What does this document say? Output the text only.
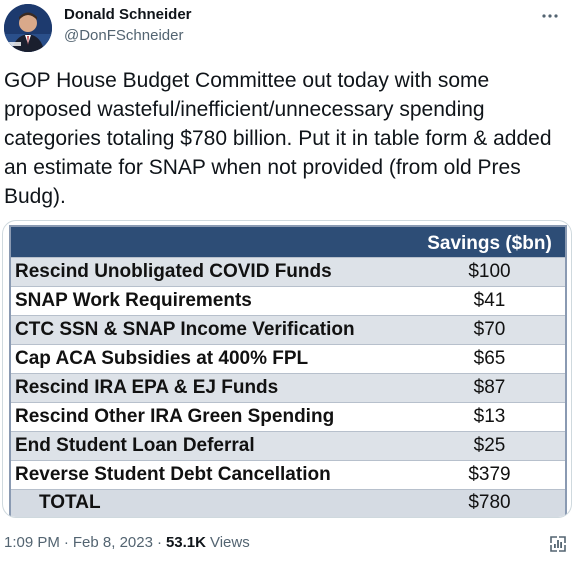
Donald Schneider
@DonFSchneider
GOP House Budget Committee out today with some proposed wasteful/inefficient/unnecessary spending categories totaling $780 billion. Put it in table form & added an estimate for SNAP when not provided (from old Pres Budg).
	Savings ($bn)
Rescind Unobligated COVID Funds	$100
SNAP Work Requirements	$41
CTC SSN & SNAP Income Verification	$70
Cap ACA Subsidies at 400% FPL	$65
Rescind IRA EPA & EJ Funds	$87
Rescind Other IRA Green Spending	$13
End Student Loan Deferral	$25
Reverse Student Debt Cancellation	$379
TOTAL	$780
1:09 PM · Feb 8, 2023 · 53.1K Views
